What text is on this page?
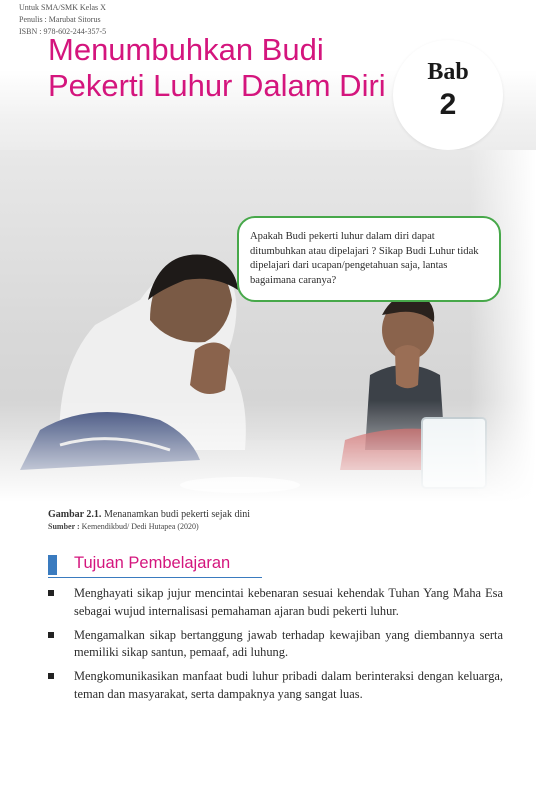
Untuk SMA/SMK Kelas X
Penulis : Marubat Sitorus
ISBN : 978-602-244-357-5
Menumbuhkan Budi
Pekerti Luhur Dalam Diri	Bab
2
Apakah Budi pekerti luhur dalam diri dapat ditumbuhkan atau dipelajari ? Sikap Budi Luhur tidak dipelajari dari ucapan/pengetahuan saja, lantas bagaimana caranya?
Gambar 2.1. Menanamkan budi pekerti sejak dini
Sumber : Kemendikbud/ Dedi Hutapea (2020)
Tujuan Pembelajaran
Menghayati sikap jujur mencintai kebenaran sesuai kehendak Tuhan Yang Maha Esa sebagai wujud internalisasi pemahaman ajaran budi pekerti luhur.
Mengamalkan sikap bertanggung jawab terhadap kewajiban yang diembannya serta memiliki sikap santun, pemaaf, adi luhung.
Mengkomunikasikan manfaat budi luhur pribadi dalam berinteraksi dengan keluarga, teman dan masyarakat, serta dampaknya yang sangat luas.
